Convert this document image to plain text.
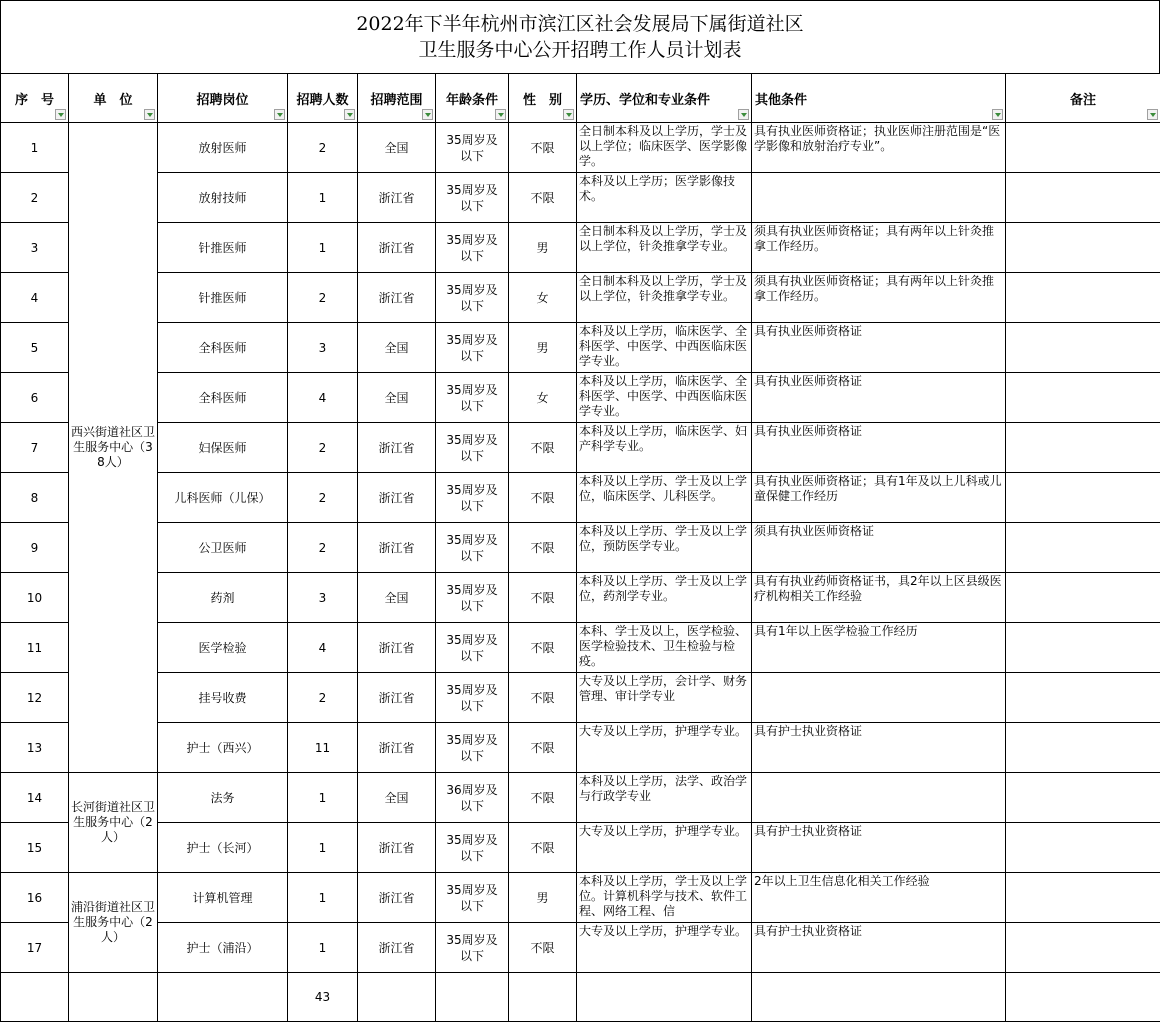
2022年下半年杭州市滨江区社会发展局下属街道社区
卫生服务中心公开招聘工作人员计划表
序　号	单　位	招聘岗位	招聘人数	招聘范围	年龄条件	性　别	学历、学位和专业条件	其他条件	备注

1	西兴街道社区卫生服务中心（38人）	放射医师	2	全国	35周岁及以下	不限	全日制本科及以上学历，学士及以上学位；临床医学、医学影像学。	具有执业医师资格证；执业医师注册范围是“医学影像和放射治疗专业”。	
2		放射技师	1	浙江省	35周岁及以下	不限	本科及以上学历；医学影像技术。		
3		针推医师	1	浙江省	35周岁及以下	男	全日制本科及以上学历，学士及以上学位，针灸推拿学专业。	须具有执业医师资格证；具有两年以上针灸推拿工作经历。	
4		针推医师	2	浙江省	35周岁及以下	女	全日制本科及以上学历，学士及以上学位，针灸推拿学专业。	须具有执业医师资格证；具有两年以上针灸推拿工作经历。	
5		全科医师	3	全国	35周岁及以下	男	本科及以上学历，临床医学、全科医学、中医学、中西医临床医学专业。	具有执业医师资格证	
6		全科医师	4	全国	35周岁及以下	女	本科及以上学历，临床医学、全科医学、中医学、中西医临床医学专业。	具有执业医师资格证	
7		妇保医师	2	浙江省	35周岁及以下	不限	本科及以上学历，临床医学、妇产科学专业。	具有执业医师资格证	
8		儿科医师（儿保）	2	浙江省	35周岁及以下	不限	本科及以上学历、学士及以上学位，临床医学、儿科医学。	具有执业医师资格证；具有1年及以上儿科或儿童保健工作经历	
9		公卫医师	2	浙江省	35周岁及以下	不限	本科及以上学历、学士及以上学位，预防医学专业。	须具有执业医师资格证	
10		药剂	3	全国	35周岁及以下	不限	本科及以上学历、学士及以上学位，药剂学专业。	具有有执业药师资格证书，具2年以上区县级医疗机构相关工作经验	
11		医学检验	4	浙江省	35周岁及以下	不限	本科、学士及以上，医学检验、医学检验技术、卫生检验与检疫。	具有1年以上医学检验工作经历	
12		挂号收费	2	浙江省	35周岁及以下	不限	大专及以上学历，会计学、财务管理、审计学专业		
13		护士（西兴）	11	浙江省	35周岁及以下	不限	大专及以上学历，护理学专业。	具有护士执业资格证	
14	长河街道社区卫生服务中心（2人）	法务	1	全国	36周岁及以下	不限	本科及以上学历，法学、政治学与行政学专业		
15		护士（长河）	1	浙江省	35周岁及以下	不限	大专及以上学历，护理学专业。	具有护士执业资格证	
16	浦沿街道社区卫生服务中心（2人）	计算机管理	1	浙江省	35周岁及以下	男	本科及以上学历，学士及以上学位。计算机科学与技术、软件工程、网络工程、信	2年以上卫生信息化相关工作经验	
17		护士（浦沿）	1	浙江省	35周岁及以下	不限	大专及以上学历，护理学专业。	具有护士执业资格证	
			43						
